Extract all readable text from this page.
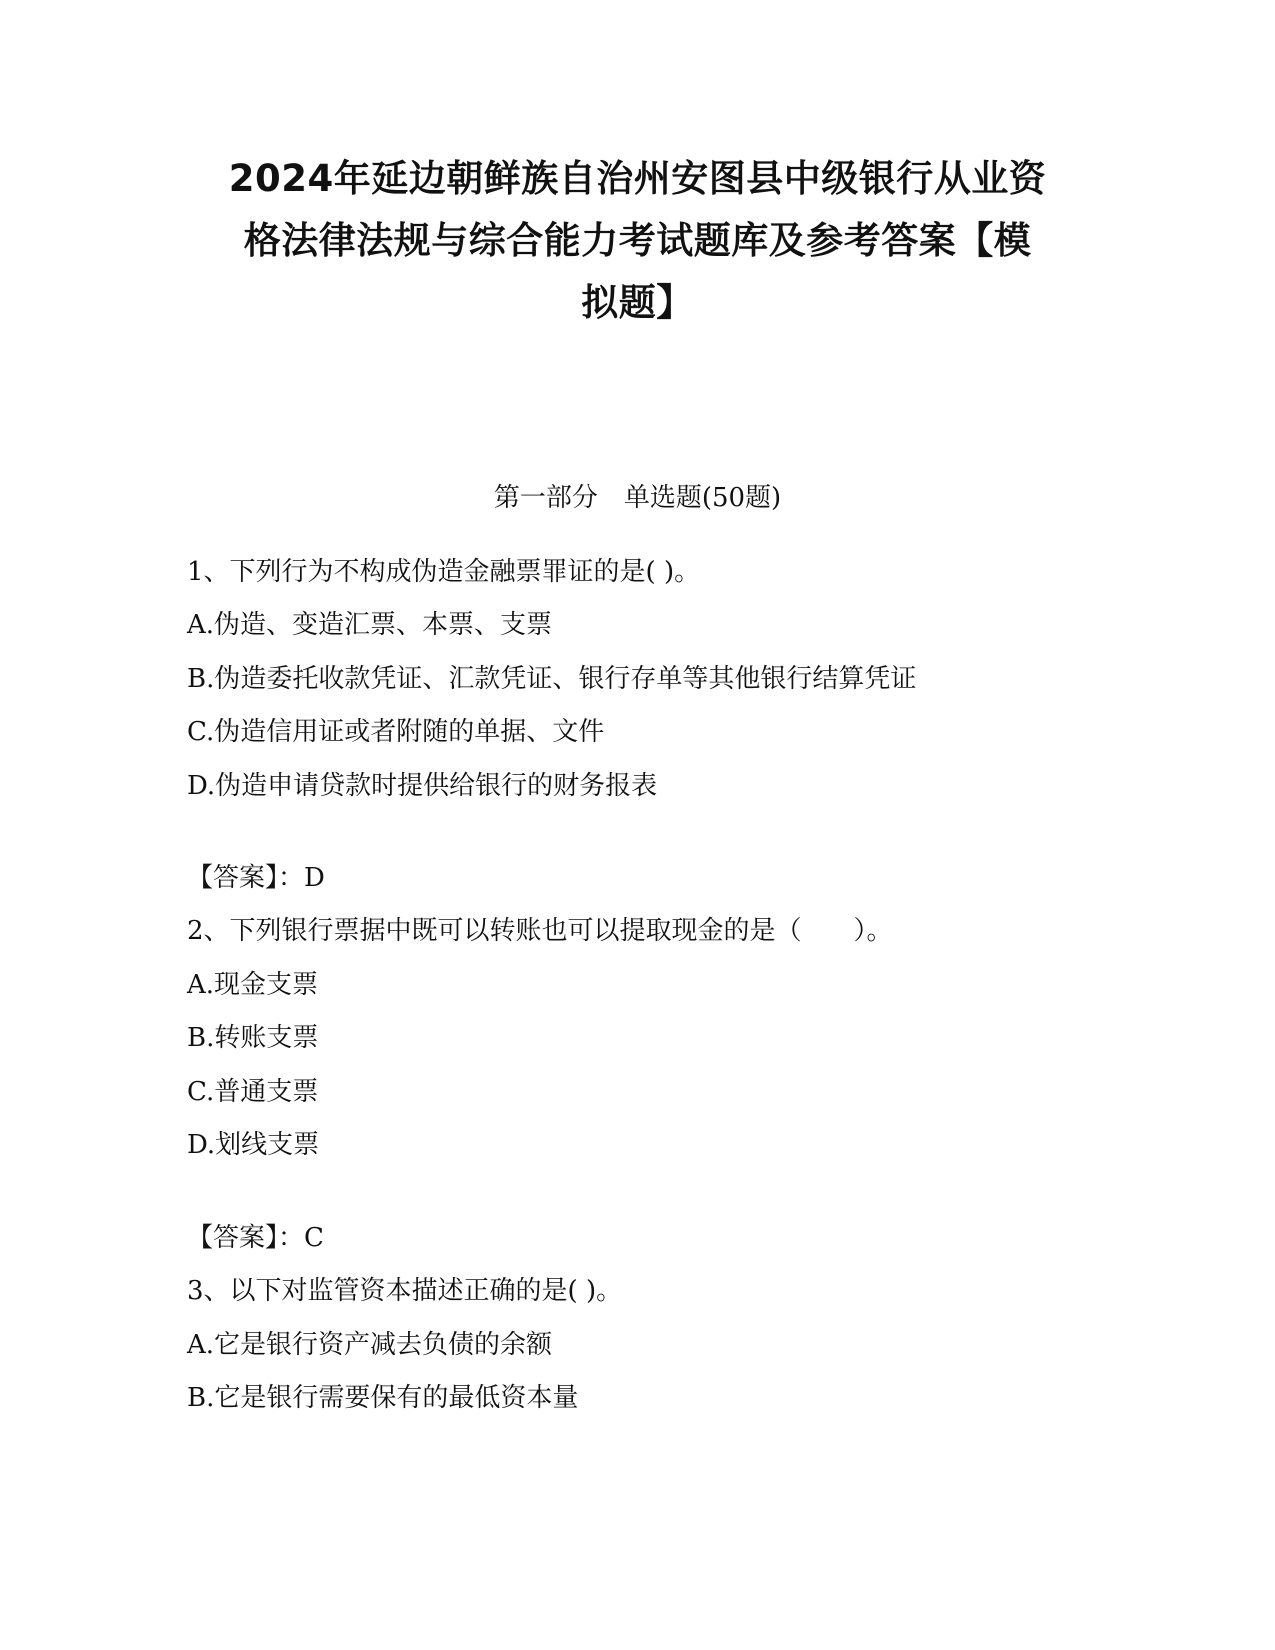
2024年延边朝鲜族自治州安图县中级银行从业资
格法律法规与综合能力考试题库及参考答案【模
拟题】
第一部分　单选题(50题)

1、下列行为不构成伪造金融票罪证的是( )。

A.伪造、变造汇票、本票、支票

B.伪造委托收款凭证、汇款凭证、银行存单等其他银行结算凭证

C.伪造信用证或者附随的单据、文件

D.伪造申请贷款时提供给银行的财务报表

【答案】：D

2、下列银行票据中既可以转账也可以提取现金的是（　　）。

A.现金支票

B.转账支票

C.普通支票

D.划线支票

【答案】：C

3、以下对监管资本描述正确的是( )。

A.它是银行资产减去负债的余额

B.它是银行需要保有的最低资本量
